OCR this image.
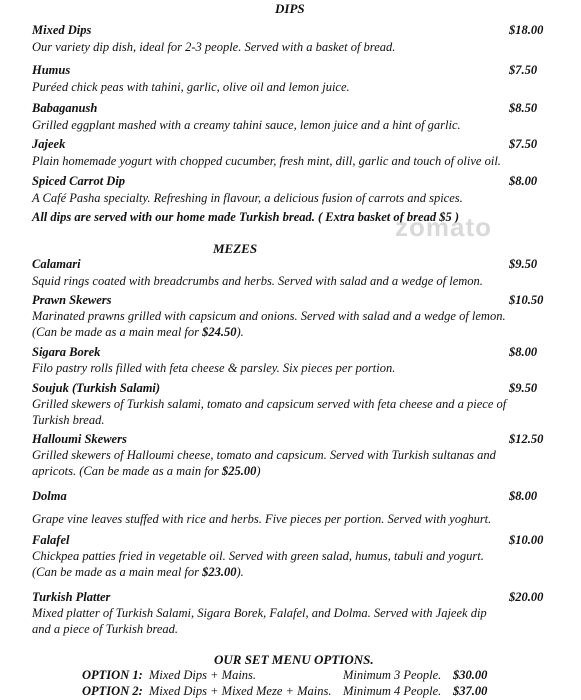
DIPS
Mixed Dips	$18.00
Our variety dip dish, ideal for 2-3 people. Served with a basket of bread.
Humus	$7.50
Puréed chick peas with tahini, garlic, olive oil and lemon juice.
Babaganush	$8.50
Grilled eggplant mashed with a creamy tahini sauce, lemon juice and a hint of garlic.
Jajeek	$7.50
Plain homemade yogurt with chopped cucumber, fresh mint, dill, garlic and touch of olive oil.
Spiced Carrot Dip	$8.00
A Café Pasha specialty. Refreshing in flavour, a delicious fusion of carrots and spices.
All dips are served with our home made Turkish bread. ( Extra basket of bread $5 )
zomato
MEZES
Calamari	$9.50
Squid rings coated with breadcrumbs and herbs. Served with salad and a wedge of lemon.
Prawn Skewers	$10.50
Marinated prawns grilled with capsicum and onions. Served with salad and a wedge of lemon.
(Can be made as a main meal for $24.50).
Sigara Borek	$8.00
Filo pastry rolls filled with feta cheese & parsley. Six pieces per portion.
Soujuk (Turkish Salami)	$9.50
Grilled skewers of Turkish salami, tomato and capsicum served with feta cheese and a piece of
Turkish bread.
Halloumi Skewers	$12.50
Grilled skewers of Halloumi cheese, tomato and capsicum. Served with Turkish sultanas and
apricots. (Can be made as a main for $25.00)
Dolma	$8.00
Grape vine leaves stuffed with rice and herbs. Five pieces per portion. Served with yoghurt.
Falafel	$10.00
Chickpea patties fried in vegetable oil. Served with green salad, humus, tabuli and yogurt.
(Can be made as a main meal for $23.00).
Turkish Platter	$20.00
Mixed platter of Turkish Salami, Sigara Borek, Falafel, and Dolma. Served with Jajeek dip
and a piece of Turkish bread.
OUR SET MENU OPTIONS.
OPTION 1: Mixed Dips + Mains.	Minimum 3 People. $30.00
OPTION 2: Mixed Dips + Mixed Meze + Mains. Minimum 4 People. $37.00
